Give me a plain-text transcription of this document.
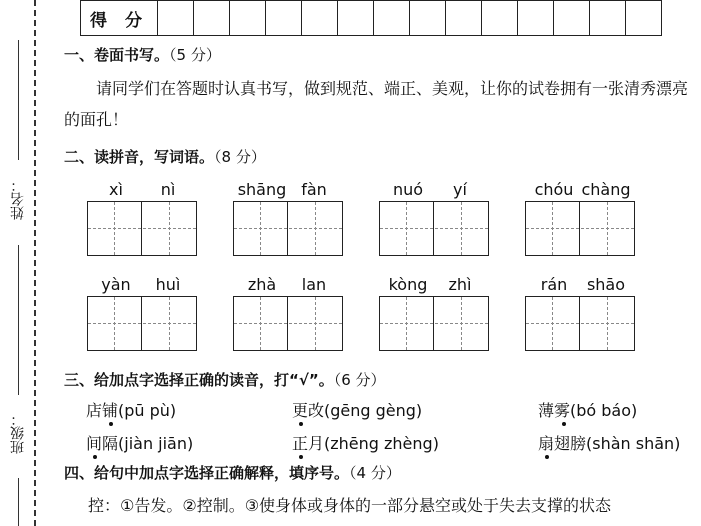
姓名：
班级：
得 分														
一、卷面书写。（5 分）
请同学们在答题时认真书写，做到规范、端正、美观，让你的试卷拥有一张清秀漂亮的面孔！
二、读拼音，写词语。（8 分）
xì nì	shāng fàn	nuó yí	chóu chàng
yàn huì	zhà lan	kòng zhì	rán shāo
三、给加点字选择正确的读音，打“√”。（6 分）
店铺(pū pù)	更改(gēng gèng)	薄雾(bó báo)
间隔(jiàn jiān)	正月(zhēng zhèng)	扇翅膀(shàn shān)
四、给句中加点字选择正确解释，填序号。（4 分）
控：①告发。②控制。③使身体或身体的一部分悬空或处于失去支撑的状态
